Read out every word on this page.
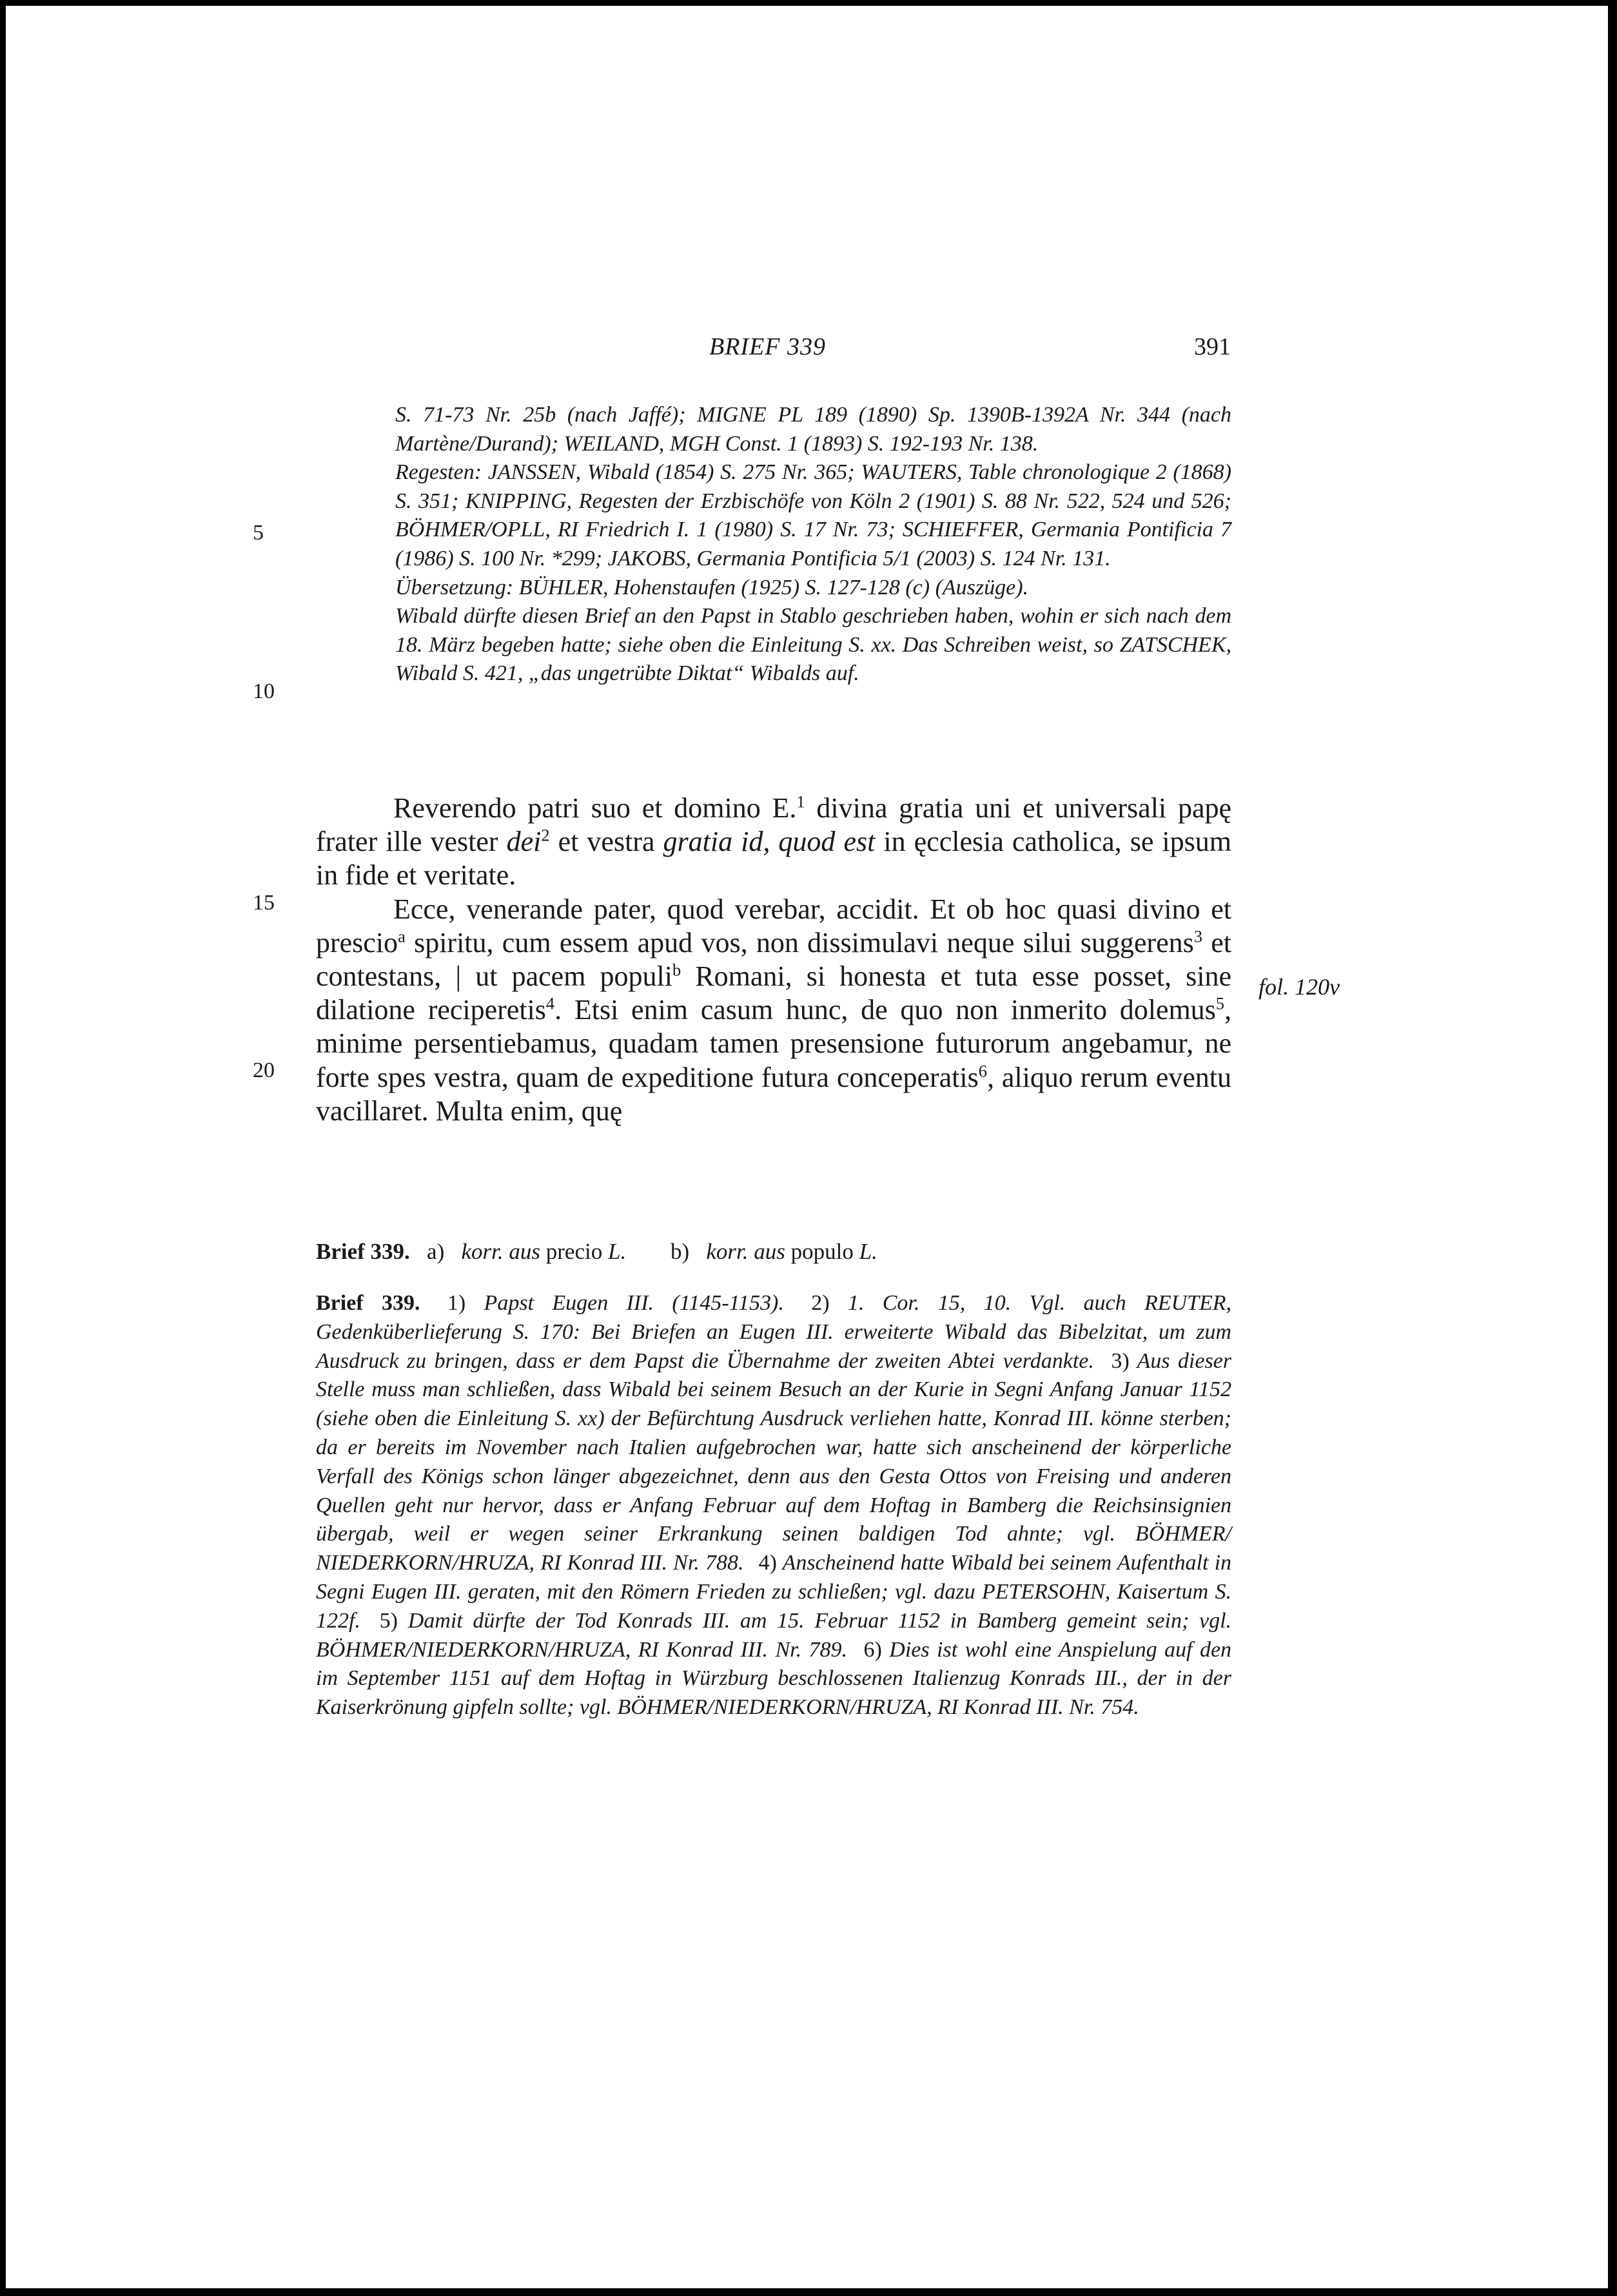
BRIEF 339	391
5
10
15
20
fol. 120v

S. 71-73 Nr. 25b (nach Jaffé); MIGNE PL 189 (1890) Sp. 1390B-1392A Nr. 344 (nach Martène/Durand); WEILAND, MGH Const. 1 (1893) S. 192-193 Nr. 138.

Regesten: JANSSEN, Wibald (1854) S. 275 Nr. 365; WAUTERS, Table chronologique 2 (1868) S. 351; KNIPPING, Regesten der Erzbischöfe von Köln 2 (1901) S. 88 Nr. 522, 524 und 526; BÖHMER/OPLL, RI Friedrich I. 1 (1980) S. 17 Nr. 73; SCHIEFFER, Germania Pontificia 7 (1986) S. 100 Nr. *299; JAKOBS, Germania Pontificia 5/1 (2003) S. 124 Nr. 131.

Übersetzung: BÜHLER, Hohenstaufen (1925) S. 127-128 (c) (Auszüge).

Wibald dürfte diesen Brief an den Papst in Stablo geschrieben haben, wohin er sich nach dem 18. März begeben hatte; siehe oben die Einleitung S. xx. Das Schreiben weist, so ZATSCHEK, Wibald S. 421, „das ungetrübte Diktat“ Wibalds auf.

Reverendo patri suo et domino E.$^1$ divina gratia uni et universali papę frater ille vester dei$^2$ et vestra gratia id, quod est in ęcclesia catholica, se ipsum in fide et veritate.

Ecce, venerande pater, quod verebar, accidit. Et ob hoc quasi divino et prescio$^a$ spiritu, cum essem apud vos, non dissimulavi neque silui suggerens$^3$ et contestans, | ut pacem populi$^b$ Romani, si honesta et tuta esse posset, sine dilatione reciperetis$^4$. Etsi enim casum hunc, de quo non inmerito dolemus$^5$, minime persentiebamus, quadam tamen presensione futurorum angebamur, ne forte spes vestra, quam de expeditione futura conceperatis$^6$, aliquo rerum eventu vacillaret. Multa enim, quę

Brief 339. a) korr. aus precio L. b) korr. aus populo L.
Brief 339. 1) Papst Eugen III. (1145-1153). 2) 1. Cor. 15, 10. Vgl. auch REUTER, Gedenküberlieferung S. 170: Bei Briefen an Eugen III. erweiterte Wibald das Bibelzitat, um zum Ausdruck zu bringen, dass er dem Papst die Übernahme der zweiten Abtei verdankte. 3) Aus dieser Stelle muss man schließen, dass Wibald bei seinem Besuch an der Kurie in Segni Anfang Januar 1152 (siehe oben die Einleitung S. xx) der Befürchtung Ausdruck verliehen hatte, Konrad III. könne sterben; da er bereits im November nach Italien aufgebrochen war, hatte sich anscheinend der körperliche Verfall des Königs schon länger abgezeichnet, denn aus den Gesta Ottos von Freising und anderen Quellen geht nur hervor, dass er Anfang Februar auf dem Hoftag in Bamberg die Reichsinsignien übergab, weil er wegen seiner Erkrankung seinen baldigen Tod ahnte; vgl. BÖHMER/ NIEDERKORN/HRUZA, RI Konrad III. Nr. 788. 4) Anscheinend hatte Wibald bei seinem Aufenthalt in Segni Eugen III. geraten, mit den Römern Frieden zu schließen; vgl. dazu PETERSOHN, Kaisertum S. 122f. 5) Damit dürfte der Tod Konrads III. am 15. Februar 1152 in Bamberg gemeint sein; vgl. BÖHMER/NIEDERKORN/HRUZA, RI Konrad III. Nr. 789. 6) Dies ist wohl eine Anspielung auf den im September 1151 auf dem Hoftag in Würzburg beschlossenen Italienzug Konrads III., der in der Kaiserkrönung gipfeln sollte; vgl. BÖHMER/NIEDERKORN/HRUZA, RI Konrad III. Nr. 754.
